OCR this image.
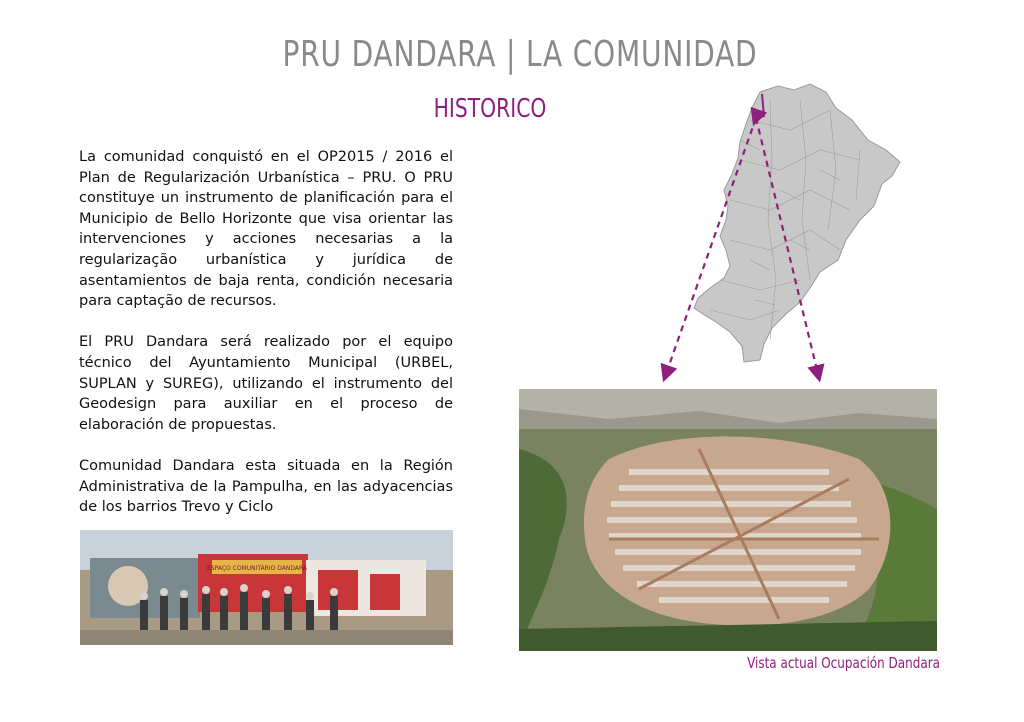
PRU DANDARA | LA COMUNIDAD
HISTORICO

La comunidad conquistó en el OP2015 / 2016 el Plan de Regularización Urbanística – PRU. O PRU constituye un instrumento de planificación para el Municipio de Bello Horizonte que visa orientar las intervenciones y acciones necesarias a la regularização urbanística y jurídica de asentamientos de baja renta, condición necesaria para captação de recursos.

El PRU Dandara será realizado por el equipo técnico del Ayuntamiento Municipal (URBEL, SUPLAN y SUREG), utilizando el instrumento del Geodesign para auxiliar en el proceso de elaboración de propuestas.

Comunidad Dandara esta situada en la Región Administrativa de la Pampulha, en las adyacencias de los barrios Trevo y Ciclo

Vista actual Ocupación Dandara
ESPAÇO COMUNITÁRIO DANDARA
